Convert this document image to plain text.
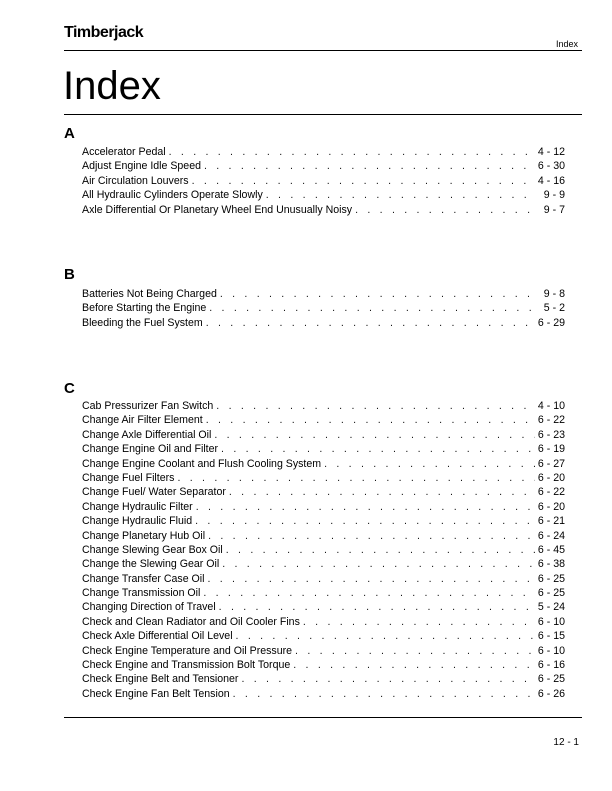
Timberjack
Index
Index
A
Accelerator Pedal . . .	4 - 12
Adjust Engine Idle Speed . . .	6 - 30
Air Circulation Louvers . . .	4 - 16
All Hydraulic Cylinders Operate Slowly . . .	9 - 9
Axle Differential Or Planetary Wheel End Unusually Noisy . . .	9 - 7
B
Batteries Not Being Charged . . .	9 - 8
Before Starting the Engine . . .	5 - 2
Bleeding the Fuel System . . .	6 - 29
C
Cab Pressurizer Fan Switch . . .	4 - 10
Change Air Filter Element . . .	6 - 22
Change Axle Differential Oil . . .	6 - 23
Change Engine Oil and Filter . . .	6 - 19
Change Engine Coolant and Flush Cooling System . . .	6 - 27
Change Fuel Filters . . .	6 - 20
Change Fuel/ Water Separator . . .	6 - 22
Change Hydraulic Filter . . .	6 - 20
Change Hydraulic Fluid . . .	6 - 21
Change Planetary Hub Oil . . .	6 - 24
Change Slewing Gear Box Oil . . .	6 - 45
Change the Slewing Gear Oil . . .	6 - 38
Change Transfer Case Oil . . .	6 - 25
Change Transmission Oil . . .	6 - 25
Changing Direction of Travel . . .	5 - 24
Check and Clean Radiator and Oil Cooler Fins . . .	6 - 10
Check Axle Differential Oil Level . . .	6 - 15
Check Engine Temperature and Oil Pressure . . .	6 - 10
Check Engine and Transmission Bolt Torque . . .	6 - 16
Check Engine Belt and Tensioner . . .	6 - 25
Check Engine Fan Belt Tension . . .	6 - 26
12 - 1
